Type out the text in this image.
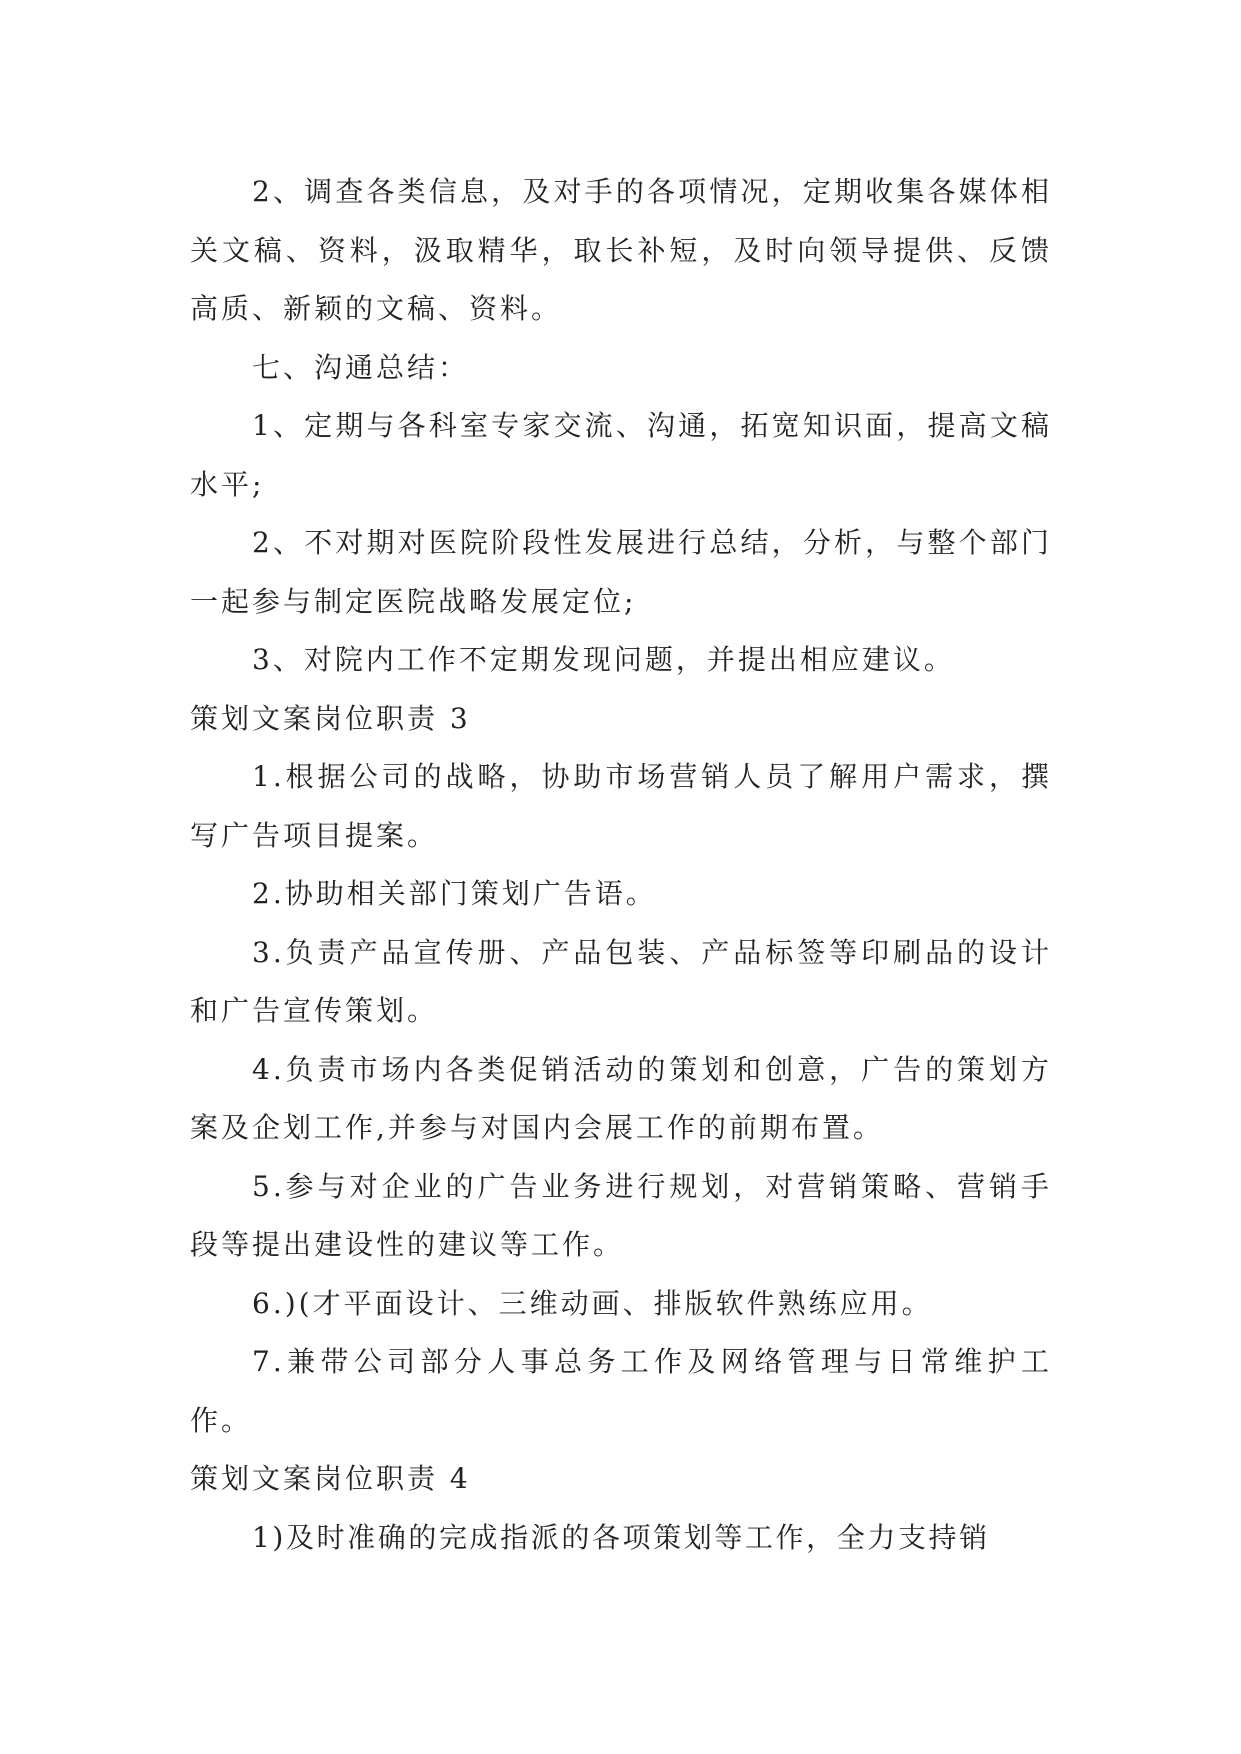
2、调查各类信息，及对手的各项情况，定期收集各媒体相关文稿、资料，汲取精华，取长补短，及时向领导提供、反馈高质、新颖的文稿、资料。

七、沟通总结：

1、定期与各科室专家交流、沟通，拓宽知识面，提高文稿水平;

2、不对期对医院阶段性发展进行总结，分析，与整个部门一起参与制定医院战略发展定位;

3、对院内工作不定期发现问题，并提出相应建议。

策划文案岗位职责 3

1.根据公司的战略，协助市场营销人员了解用户需求，撰写广告项目提案。

2.协助相关部门策划广告语。

3.负责产品宣传册、产品包装、产品标签等印刷品的设计和广告宣传策划。

4.负责市场内各类促销活动的策划和创意，广告的策划方案及企划工作,并参与对国内会展工作的前期布置。

5.参与对企业的广告业务进行规划，对营销策略、营销手段等提出建设性的建议等工作。

6.)(才平面设计、三维动画、排版软件熟练应用。

7.兼带公司部分人事总务工作及网络管理与日常维护工作。

策划文案岗位职责 4

1)及时准确的完成指派的各项策划等工作，全力支持销
